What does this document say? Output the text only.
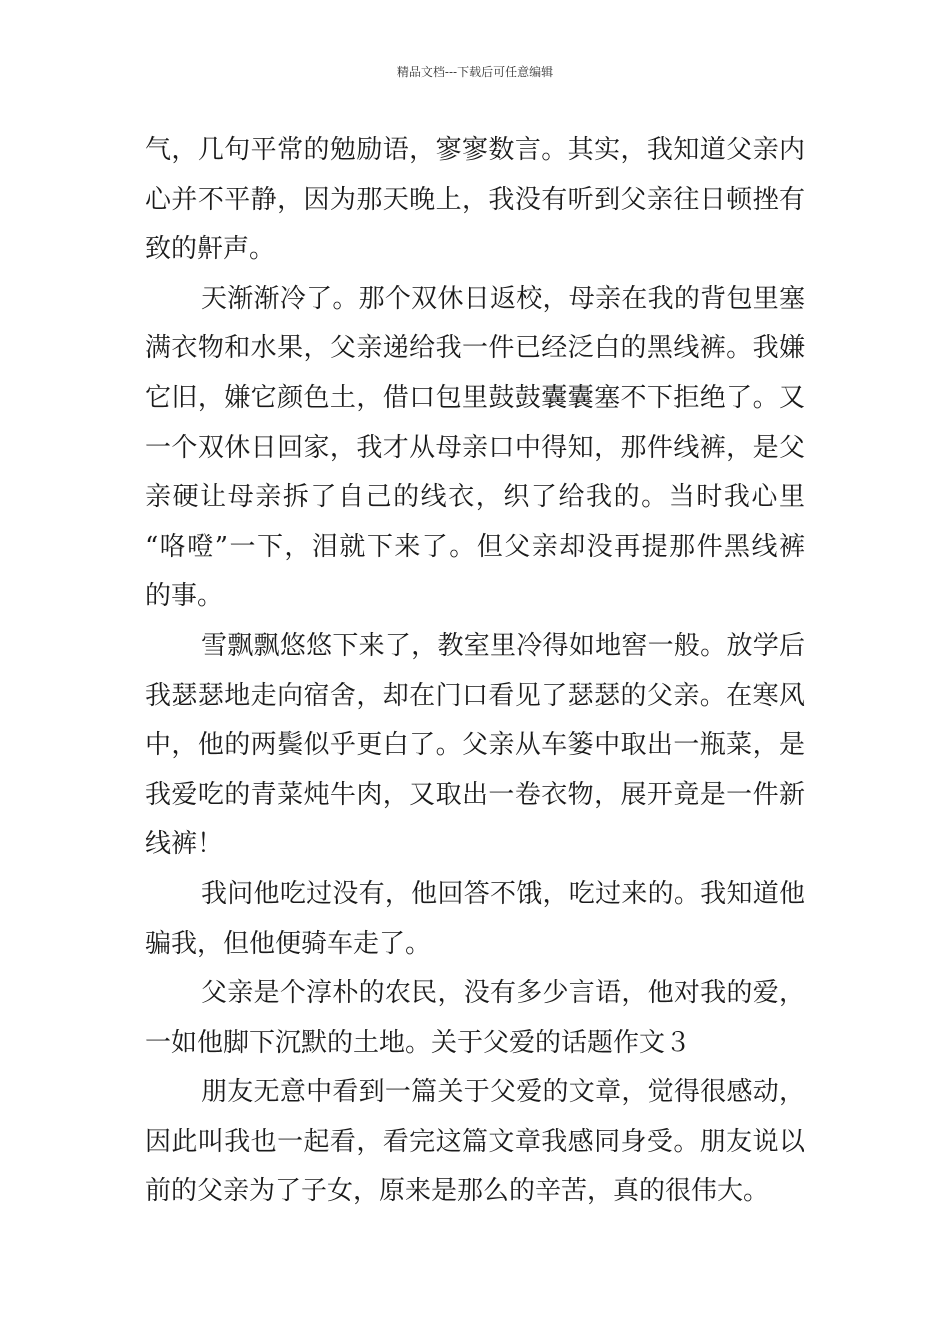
精品文档---下载后可任意编辑
气，几句平常的勉励语，寥寥数言。其实，我知道父亲内
心并不平静，因为那天晚上，我没有听到父亲往日顿挫有
致的鼾声。
天渐渐冷了。那个双休日返校，母亲在我的背包里塞
满衣物和水果，父亲递给我一件已经泛白的黑线裤。我嫌
它旧，嫌它颜色土，借口包里鼓鼓囊囊塞不下拒绝了。又
一个双休日回家，我才从母亲口中得知，那件线裤，是父
亲硬让母亲拆了自己的线衣，织了给我的。当时我心里
“咯噔”一下，泪就下来了。但父亲却没再提那件黑线裤
的事。
雪飘飘悠悠下来了，教室里冷得如地窖一般。放学后
我瑟瑟地走向宿舍，却在门口看见了瑟瑟的父亲。在寒风
中，他的两鬓似乎更白了。父亲从车篓中取出一瓶菜，是
我爱吃的青菜炖牛肉，又取出一卷衣物，展开竟是一件新
线裤！
我问他吃过没有，他回答不饿，吃过来的。我知道他
骗我，但他便骑车走了。
父亲是个淳朴的农民，没有多少言语，他对我的爱，
一如他脚下沉默的土地。关于父爱的话题作文３
朋友无意中看到一篇关于父爱的文章，觉得很感动，
因此叫我也一起看，看完这篇文章我感同身受。朋友说以
前的父亲为了子女，原来是那么的辛苦，真的很伟大。
